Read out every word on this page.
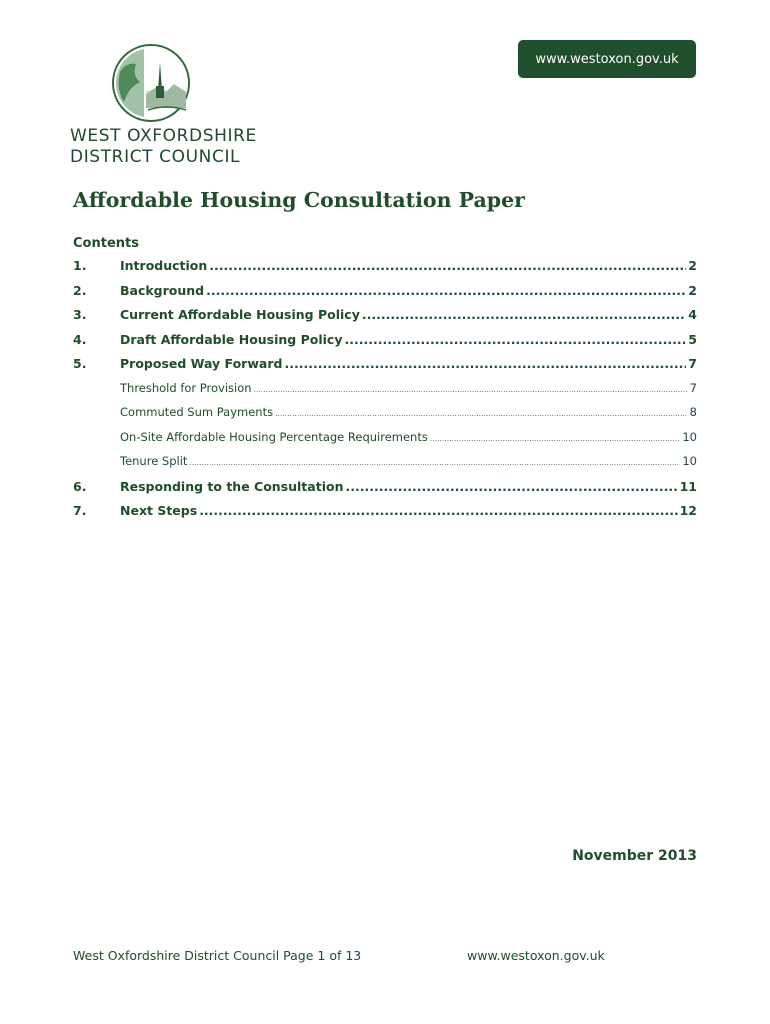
WEST OXFORDSHIRE
DISTRICT COUNCIL
www.westoxon.gov.uk
Affordable Housing Consultation Paper
Contents
1.	Introduction .....	2
2.	Background .....	2
3.	Current Affordable Housing Policy .....	4
4.	Draft Affordable Housing Policy .....	5
5.	Proposed Way Forward .....	7
Threshold for Provision .....	7
Commuted Sum Payments .....	8
On-Site Affordable Housing Percentage Requirements .....	10
Tenure Split .....	10
6.	Responding to the Consultation .....	11
7.	Next Steps .....	12
November 2013
West Oxfordshire District Council Page 1 of 13	www.westoxon.gov.uk
